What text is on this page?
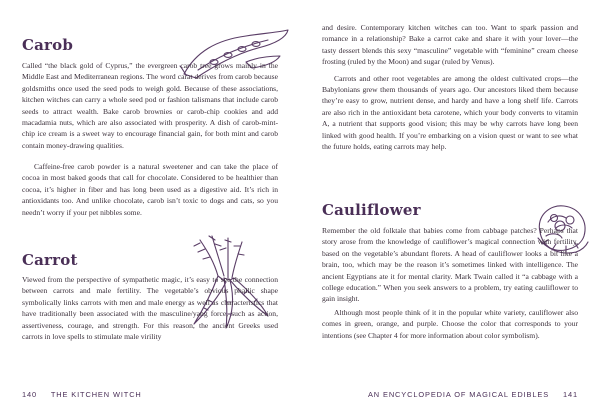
Carob

Called “the black gold of Cyprus,” the evergreen carob tree grows mainly in the Middle East and Mediterranean regions. The word carat derives from carob because goldsmiths once used the seed pods to weigh gold. Because of these associations, kitchen witches can carry a whole seed pod or fashion talismans that include carob seeds to attract wealth. Bake carob brownies or carob-chip cookies and add macadamia nuts, which are also associated with prosperity. A dish of carob-mint-chip ice cream is a sweet way to encourage financial gain, for both mint and carob contain money-drawing qualities.

Caffeine-free carob powder is a natural sweetener and can take the place of cocoa in most baked goods that call for chocolate. Considered to be healthier than cocoa, it’s higher in fiber and has long been used as a digestive aid. It’s rich in antioxidants too. And unlike chocolate, carob isn’t toxic to dogs and cats, so you needn’t worry if your pet nibbles some.

Carrot

Viewed from the perspective of sympathetic magic, it’s easy to see the connection between carrots and male fertility. The vegetable’s obvious phallic shape symbolically links carrots with men and male energy as well as characteristics that have traditionally been associated with the masculine/yang force, such as action, assertiveness, courage, and strength. For this reason, the ancient Greeks used carrots in love spells to stimulate male virility

140 THE KITCHEN WITCH

and desire. Contemporary kitchen witches can too. Want to spark passion and romance in a relationship? Bake a carrot cake and share it with your lover—the tasty dessert blends this sexy “masculine” vegetable with “feminine” cream cheese frosting (ruled by the Moon) and sugar (ruled by Venus).

Carrots and other root vegetables are among the oldest cultivated crops—the Babylonians grew them thousands of years ago. Our ancestors liked them because they’re easy to grow, nutrient dense, and hardy and have a long shelf life. Carrots are also rich in the antioxidant beta carotene, which your body converts to vitamin A, a nutrient that supports good vision; this may be why carrots have long been linked with good health. If you’re embarking on a vision quest or want to see what the future holds, eating carrots may help.

Cauliflower

Remember the old folktale that babies come from cabbage patches? Perhaps that story arose from the knowledge of cauliflower’s magical connection with fertility, based on the vegetable’s abundant florets. A head of cauliflower looks a bit like a brain, too, which may be the reason it’s sometimes linked with intelligence. The ancient Egyptians ate it for mental clarity. Mark Twain called it “a cabbage with a college education.” When you seek answers to a problem, try eating cauliflower to gain insight.

Although most people think of it in the popular white variety, cauliflower also comes in green, orange, and purple. Choose the color that corresponds to your intentions (see Chapter 4 for more information about color symbolism).

AN ENCYCLOPEDIA OF MAGICAL EDIBLES 141
